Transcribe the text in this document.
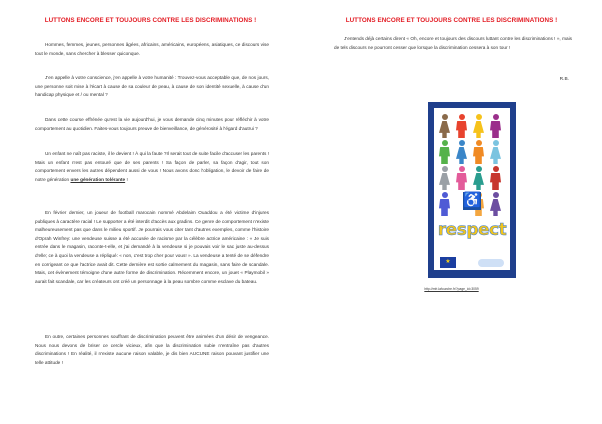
LUTTONS ENCORE ET TOUJOURS CONTRE LES DISCRIMINATIONS !

Hommes, femmes, jeunes, personnes âgées, africains, américains, européens, asiatiques, ce discours vise tout le monde, sans chercher à blesser quiconque.

J'en appelle à votre conscience, j'en appelle à votre humanité : Trouvez-vous acceptable que, de nos jours, une personne soit mise à l'écart à cause de sa couleur de peau, à cause de son identité sexuelle, à cause d'un handicap physique et / ou mental ?

Dans cette course effrénée qu'est la vie aujourd'hui, je vous demande cinq minutes pour réfléchir à votre comportement au quotidien. Faites-vous toujours preuve de bienveillance, de générosité à l'égard d'autrui ?

Un enfant ne naît pas raciste, il le devient ! À qui la faute ?Il serait tout de suite facile d'accuser les parents ! Mais un enfant n'est pas entouré que de ses parents ! Sa façon de parler, sa façon d'agir, tout son comportement envers les autres dépendent aussi de vous ! Nous avons donc l'obligation, le devoir de faire de notre génération une génération tolérante !

En février dernier, un joueur de football marocain nommé Abdelaim Ouaddou a été victime d'injures publiques à caractère racial ! Le supporter a été interdit d'accès aux gradins. Ce genre de comportement n'existe malheureusement pas que dans le milieu sportif. Je pourrais vous citer tant d'autres exemples, comme l'histoire d'Oprah Winfrey: une vendeuse suisse a été accusée de racisme par la célèbre actrice américaine : « Je suis entrée dans le magasin, raconte-t-elle, et j'ai demandé à la vendeuse si je pouvais voir le sac juste au-dessus d'elle; ce à quoi la vendeuse a répliqué: « non, c'est trop cher pour vous! ». La vendeuse a tenté de se défendre en corrigeant ce que l'actrice avait dit. Cette dernière est sortie calmement du magasin, sans faire de scandale. Mais, cet évènement témoigne d'une autre forme de discrimination. Récemment encore, un jouet « Playmobil » aurait fait scandale, car les créateurs ont créé un personnage à la peau sombre comme esclave du bateau.

En outre, certaines personnes souffrant de discrimination peuvent être animées d'un désir de vengeance. Nous nous devons de briser ce cercle vicieux, afin que la discrimination subie n'entraîne pas d'autres discriminations ! En réalité, il n'existe aucune raison valable, je dis bien AUCUNE raison pouvant justifier une telle attitude !

LUTTONS ENCORE ET TOUJOURS CONTRE LES DISCRIMINATIONS !

J'entends déjà certains dirent « Oh, encore et toujours des discours luttant contre les discriminations ! », mais de tels discours ne pourront cesser que lorsque la discrimination cessera à son tour !

R.B.
♿
respect
★
http://mfr-lafourche.fr/?page_id=3059
